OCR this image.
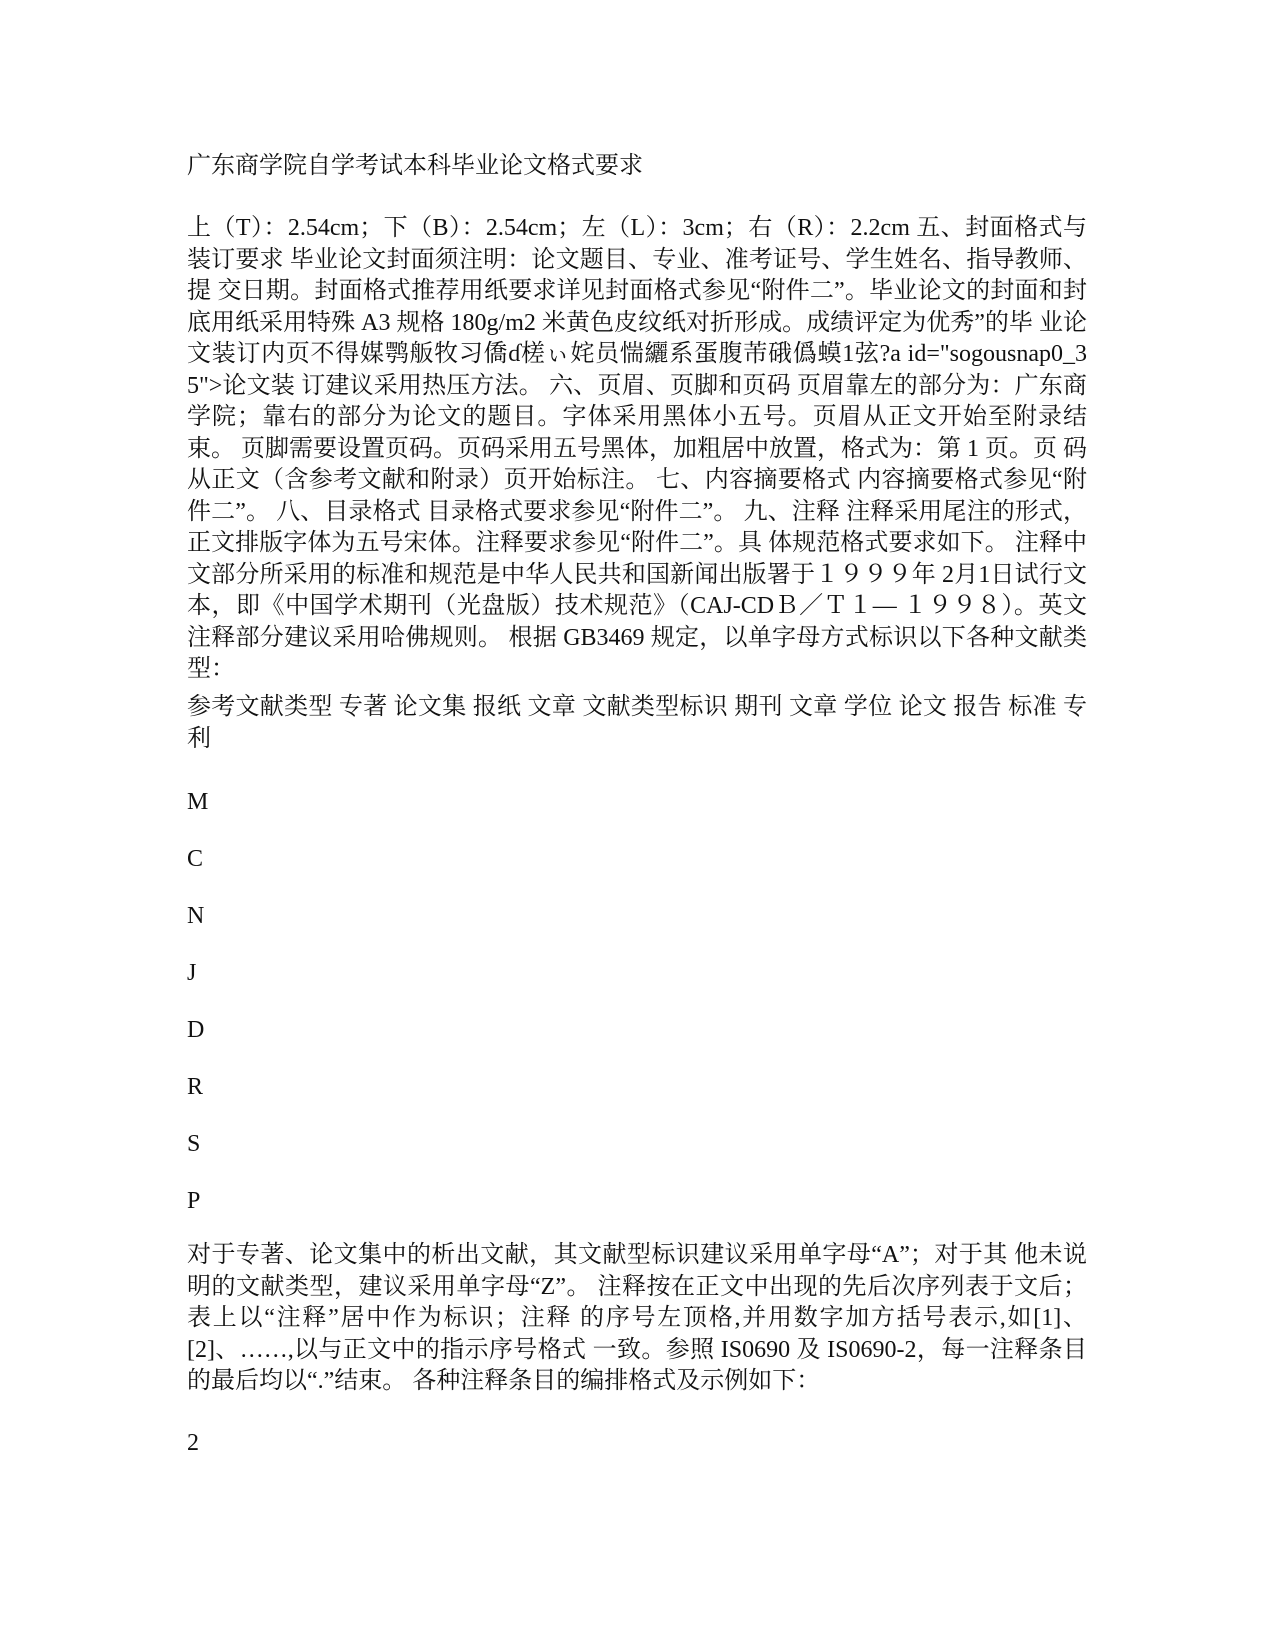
广东商学院自学考试本科毕业论文格式要求

上（T）：2.54cm；下（B）：2.54cm；左（L）：3cm；右（R）：2.2cm 五、封面格式与装订要求 毕业论文封面须注明：论文题目、专业、准考证号、学生姓名、指导教师、提 交日期。封面格式推荐用纸要求详见封面格式参见“附件二”。毕业论文的封面和封 底用纸采用特殊 A3 规格 180g/m2 米黄色皮纹纸对折形成。成绩评定为优秀”的毕 业论文装订内页不得媒鹗舨牧习僑ɗ槎ぃ姹员惴纚系蛋腹芾硪僞蟆1弦?a id="sogousnap0_35">论文装 订建议采用热压方法。 六、页眉、页脚和页码 页眉靠左的部分为：广东商学院；靠右的部分为论文的题目。字体采用黑体小五号。页眉从正文开始至附录结束。 页脚需要设置页码。页码采用五号黑体，加粗居中放置，格式为：第 1 页。页 码从正文（含参考文献和附录）页开始标注。 七、内容摘要格式 内容摘要格式参见“附件二”。 八、目录格式 目录格式要求参见“附件二”。 九、注释 注释采用尾注的形式，正文排版字体为五号宋体。注释要求参见“附件二”。具 体规范格式要求如下。 注释中文部分所采用的标准和规范是中华人民共和国新闻出版署于１９９９年 2月1日试行文本，即《中国学术期刊（光盘版）技术规范》（CAJ-CDＢ／Ｔ１— １９９８）。英文注释部分建议采用哈佛规则。 根据 GB3469 规定，以单字母方式标识以下各种文献类型：

参考文献类型 专著 论文集 报纸 文章 文献类型标识 期刊 文章 学位 论文 报告 标准 专利

M
C
N
J
D
R
S
P

对于专著、论文集中的析出文献，其文献型标识建议采用单字母“A”；对于其 他未说明的文献类型，建议采用单字母“Z”。 注释按在正文中出现的先后次序列表于文后； 表上以“注释”居中作为标识；注释 的序号左顶格,并用数字加方括号表示,如[1]、[2]、……,以与正文中的指示序号格式 一致。参照 IS0690 及 IS0690-2，每一注释条目的最后均以“.”结束。 各种注释条目的编排格式及示例如下：

2
